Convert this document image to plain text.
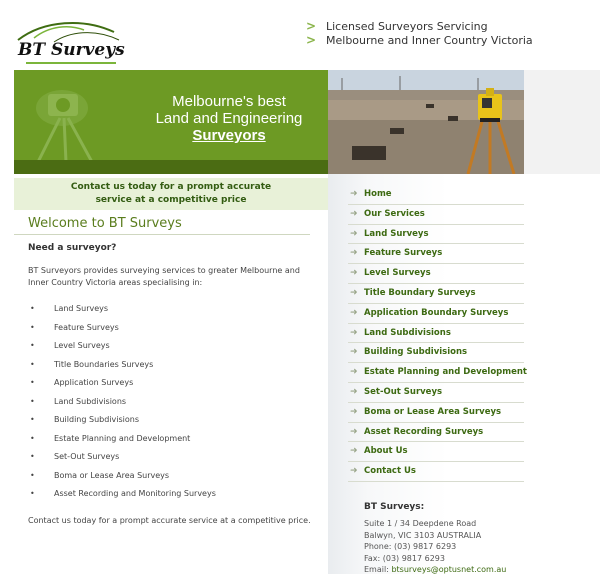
BT Surveys
> Licensed Surveyors Servicing
> Melbourne and Inner Country Victoria
Melbourne's best
Land and Engineering
Surveyors
Contact us today for a prompt accurate
service at a competitive price
Welcome to BT Surveys
Need a surveyor?
BT Surveyors provides surveying services to greater Melbourne and Inner Country Victoria areas specialising in:
• Land Surveys
• Feature Surveys
• Level Surveys
• Title Boundaries Surveys
• Application Surveys
• Land Subdivisions
• Building Subdivisions
• Estate Planning and Development
• Set-Out Surveys
• Boma or Lease Area Surveys
• Asset Recording and Monitoring Surveys
Contact us today for a prompt accurate service at a competitive price.
➜ Home
➜ Our Services
➜ Land Surveys
➜ Feature Surveys
➜ Level Surveys
➜ Title Boundary Surveys
➜ Application Boundary Surveys
➜ Land Subdivisions
➜ Building Subdivisions
➜ Estate Planning and Development
➜ Set-Out Surveys
➜ Boma or Lease Area Surveys
➜ Asset Recording Surveys
➜ About Us
➜ Contact Us
BT Surveys:
Suite 1 / 34 Deepdene Road
Balwyn, VIC 3103 AUSTRALIA
Phone: (03) 9817 6293
Fax: (03) 9817 6293
Email: btsurveys@optusnet.com.au
